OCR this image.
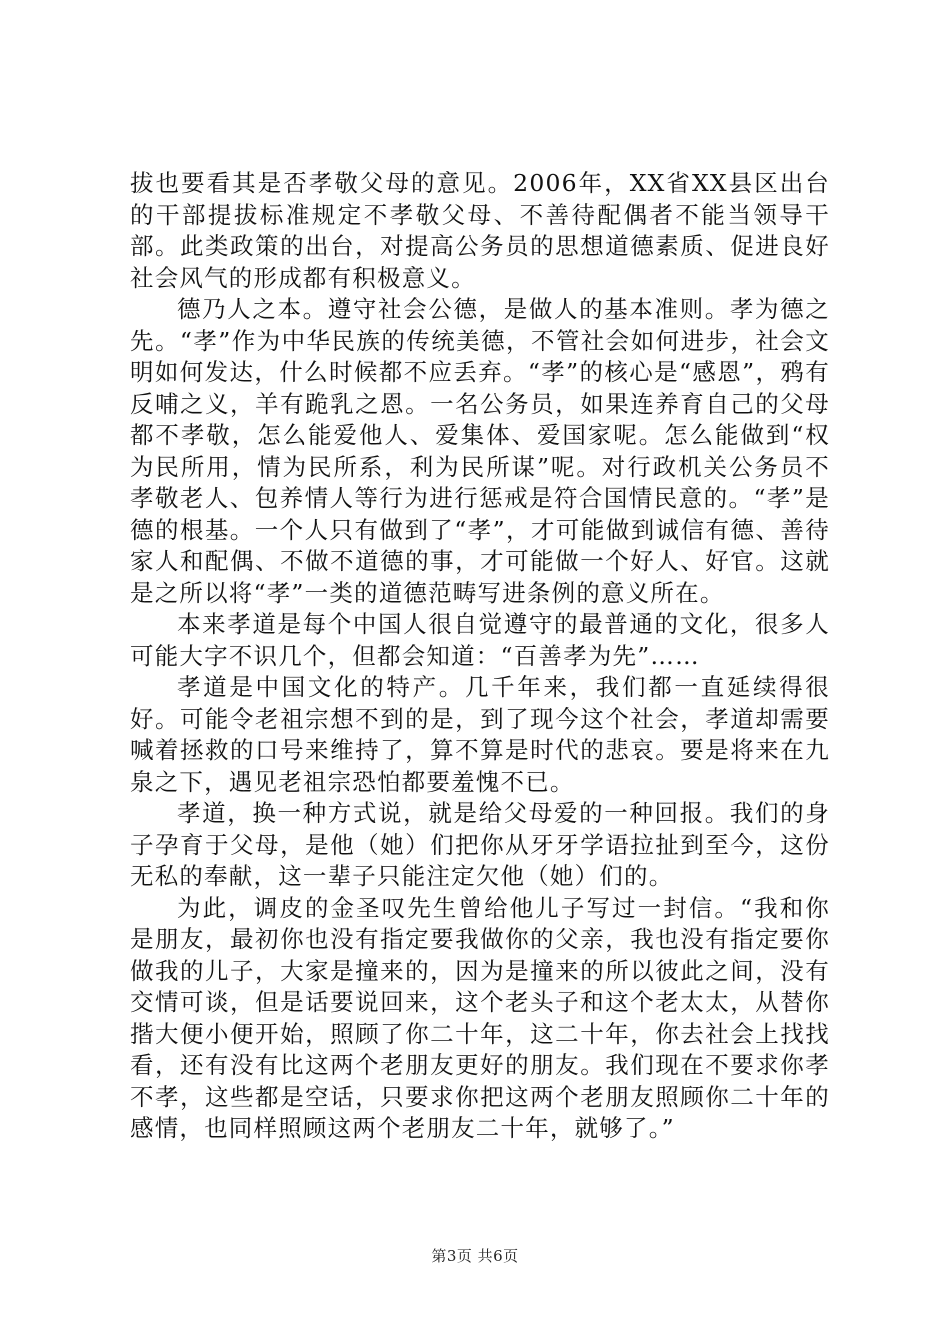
拔也要看其是否孝敬父母的意见。2006年，XX省XX县区出台的干部提拔标准规定不孝敬父母、不善待配偶者不能当领导干部。此类政策的出台，对提高公务员的思想道德素质、促进良好社会风气的形成都有积极意义。

德乃人之本。遵守社会公德，是做人的基本准则。孝为德之先。“孝”作为中华民族的传统美德，不管社会如何进步，社会文明如何发达，什么时候都不应丢弃。“孝”的核心是“感恩”，鸦有反哺之义，羊有跪乳之恩。一名公务员，如果连养育自己的父母都不孝敬，怎么能爱他人、爱集体、爱国家呢。怎么能做到“权为民所用，情为民所系，利为民所谋”呢。对行政机关公务员不孝敬老人、包养情人等行为进行惩戒是符合国情民意的。“孝”是德的根基。一个人只有做到了“孝”，才可能做到诚信有德、善待家人和配偶、不做不道德的事，才可能做一个好人、好官。这就是之所以将“孝”一类的道德范畴写进条例的意义所在。

本来孝道是每个中国人很自觉遵守的最普通的文化，很多人可能大字不识几个，但都会知道：“百善孝为先”……

孝道是中国文化的特产。几千年来，我们都一直延续得很好。可能令老祖宗想不到的是，到了现今这个社会，孝道却需要喊着拯救的口号来维持了，算不算是时代的悲哀。要是将来在九泉之下，遇见老祖宗恐怕都要羞愧不已。

孝道，换一种方式说，就是给父母爱的一种回报。我们的身子孕育于父母，是他（她）们把你从牙牙学语拉扯到至今，这份无私的奉献，这一辈子只能注定欠他（她）们的。

为此，调皮的金圣叹先生曾给他儿子写过一封信。“我和你是朋友，最初你也没有指定要我做你的父亲，我也没有指定要你做我的儿子，大家是撞来的，因为是撞来的所以彼此之间，没有交情可谈，但是话要说回来，这个老头子和这个老太太，从替你揩大便小便开始，照顾了你二十年，这二十年，你去社会上找找看，还有没有比这两个老朋友更好的朋友。我们现在不要求你孝不孝，这些都是空话，只要求你把这两个老朋友照顾你二十年的感情，也同样照顾这两个老朋友二十年，就够了。”

第3页 共6页
